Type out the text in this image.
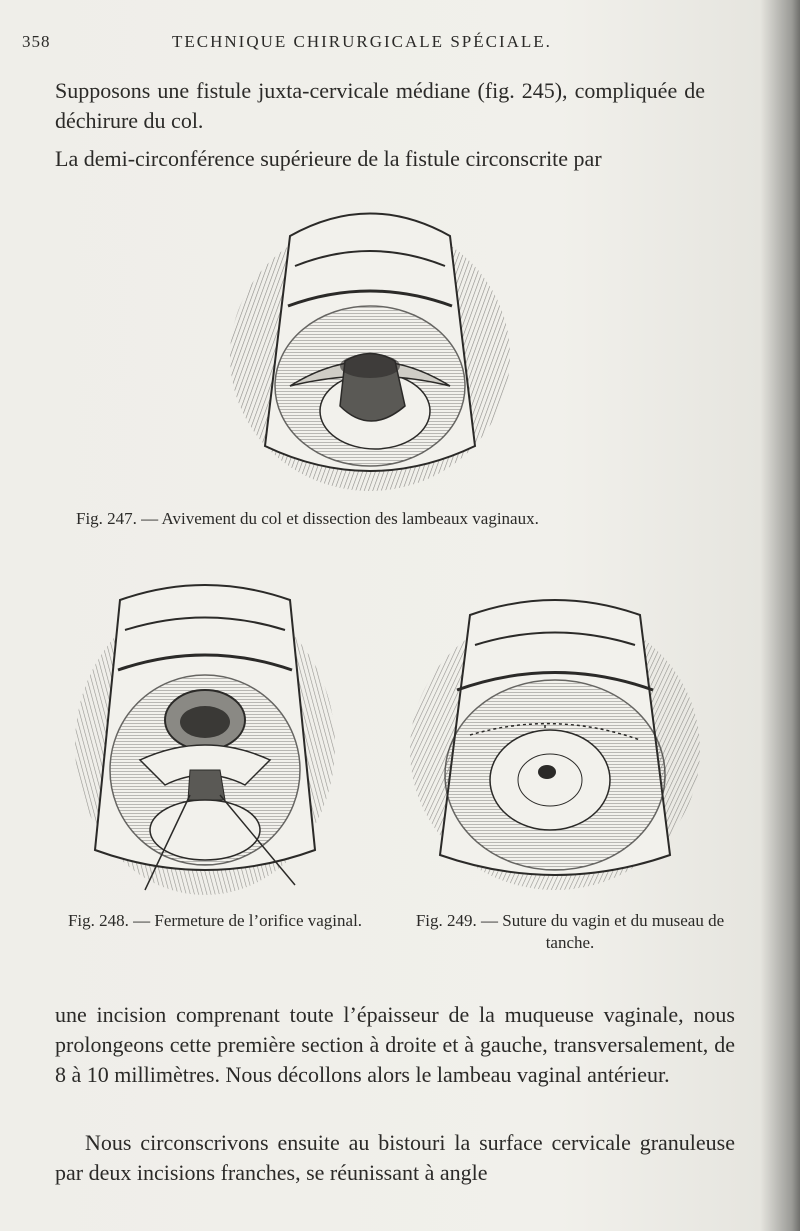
358	TECHNIQUE CHIRURGICALE SPÉCIALE.
Supposons une fistule juxta-cervicale médiane (fig. 245), compliquée de déchirure du col.
La demi-circonférence supérieure de la fistule circonscrite par
Fig. 247. — Avivement du col et dissection des lambeaux vaginaux.
Fig. 248. — Fermeture de l’orifice vaginal.	Fig. 249. — Suture du vagin et du museau de tanche.
une incision comprenant toute l’épaisseur de la muqueuse vaginale, nous prolongeons cette première section à droite et à gauche, transversalement, de 8 à 10 millimètres. Nous décollons alors le lambeau vaginal antérieur.
Nous circonscrivons ensuite au bistouri la surface cervicale granuleuse par deux incisions franches, se réunissant à angle
